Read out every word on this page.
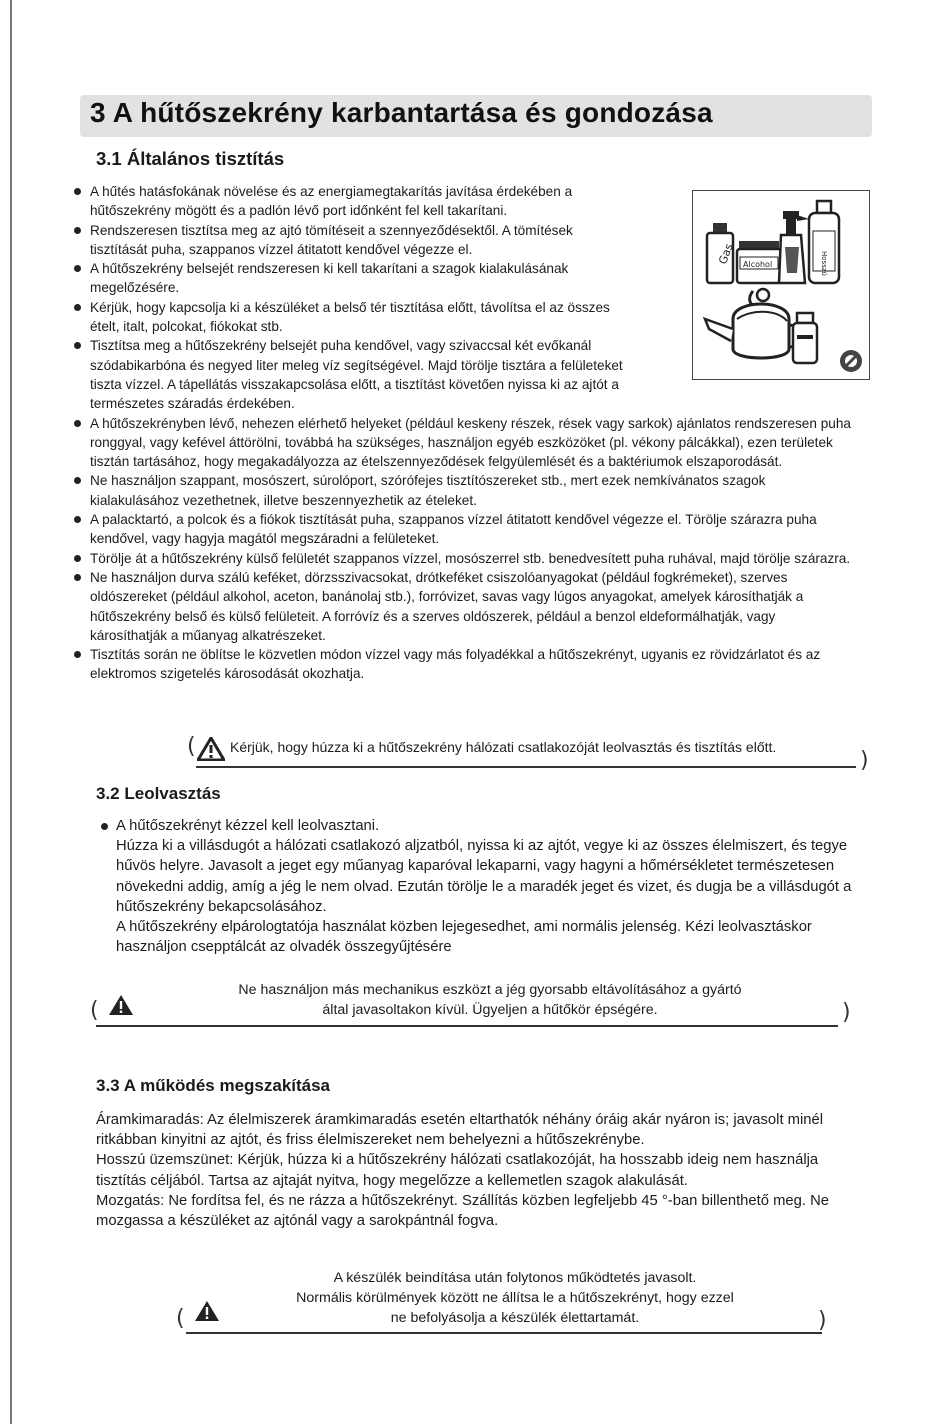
3 A hűtőszekrény karbantartása és gondozása
3.1 Általános tisztítás
Gas Alcohol	Hosszú
A hűtés hatásfokának növelése és az energiamegtakarítás javítása érdekében a hűtőszekrény mögött és a padlón lévő port időnként fel kell takarítani.
Rendszeresen tisztítsa meg az ajtó tömítéseit a szennyeződésektől. A tömítések tisztítását puha, szappanos vízzel átitatott kendővel végezze el.
A hűtőszekrény belsejét rendszeresen ki kell takarítani a szagok kialakulásának megelőzésére.
Kérjük, hogy kapcsolja ki a készüléket a belső tér tisztítása előtt, távolítsa el az összes ételt, italt, polcokat, fiókokat stb.
Tisztítsa meg a hűtőszekrény belsejét puha kendővel, vagy szivaccsal két evőkanál szódabikarbóna és negyed liter meleg víz segítségével. Majd törölje tisztára a felületeket tiszta vízzel. A tápellátás visszakapcsolása előtt, a tisztítást követően nyissa ki az ajtót a természetes száradás érdekében.
A hűtőszekrényben lévő, nehezen elérhető helyeket (például keskeny részek, rések vagy sarkok) ajánlatos rendszeresen puha ronggyal, vagy kefével áttörölni, továbbá ha szükséges, használjon egyéb eszközöket (pl. vékony pálcákkal), ezen területek tisztán tartásához, hogy megakadályozza az ételszennyeződések felgyülemlését és a baktériumok elszaporodását.
Ne használjon szappant, mosószert, súrolóport, szórófejes tisztítószereket stb., mert ezek nemkívánatos szagok kialakulásához vezethetnek, illetve beszennyezhetik az ételeket.
A palacktartó, a polcok és a fiókok tisztítását puha, szappanos vízzel átitatott kendővel végezze el. Törölje szárazra puha kendővel, vagy hagyja magától megszáradni a felületeket.
Törölje át a hűtőszekrény külső felületét szappanos vízzel, mosószerrel stb. benedvesített puha ruhával, majd törölje szárazra.
Ne használjon durva szálú keféket, dörzsszivacsokat, drótkeféket csiszolóanyagokat (például fogkrémeket), szerves oldószereket (például alkohol, aceton, banánolaj stb.), forróvizet, savas vagy lúgos anyagokat, amelyek károsíthatják a hűtőszekrény belső és külső felületeit. A forróvíz és a szerves oldószerek, például a benzol eldeformálhatják, vagy károsíthatják a műanyag alkatrészeket.
Tisztítás során ne öblítse le közvetlen módon vízzel vagy más folyadékkal a hűtőszekrényt, ugyanis ez rövidzárlatot és az elektromos szigetelés károsodását okozhatja.
( Kérjük, hogy húzza ki a hűtőszekrény hálózati csatlakozóját leolvasztás és tisztítás előtt.
)
3.2 Leolvasztás
A hűtőszekrényt kézzel kell leolvasztani.
Húzza ki a villásdugót a hálózati csatlakozó aljzatból, nyissa ki az ajtót, vegye ki az összes élelmiszert, és tegye hűvös helyre. Javasolt a jeget egy műanyag kaparóval lekaparni, vagy hagyni a hőmérsékletet természetesen növekedni addig, amíg a jég le nem olvad. Ezután törölje le a maradék jeget és vizet, és dugja be a villásdugót a hűtőszekrény bekapcsolásához.
A hűtőszekrény elpárologtatója használat közben lejegesedhet, ami normális jelenség. Kézi leolvasztáskor használjon csepptálcát az olvadék összegyűjtésére
(
Ne használjon más mechanikus eszközt a jég gyorsabb eltávolításához a gyártó
által javasoltakon kívül. Ügyeljen a hűtőkör épségére.	)
3.3 A működés megszakítása
Áramkimaradás: Az élelmiszerek áramkimaradás esetén eltarthatók néhány óráig akár nyáron is; javasolt minél ritkábban kinyitni az ajtót, és friss élelmiszereket nem behelyezni a hűtőszekrénybe.
Hosszú üzemszünet: Kérjük, húzza ki a hűtőszekrény hálózati csatlakozóját, ha hosszabb ideig nem használja tisztítás céljából. Tartsa az ajtaját nyitva, hogy megelőzze a kellemetlen szagok alakulását.
Mozgatás: Ne fordítsa fel, és ne rázza a hűtőszekrényt. Szállítás közben legfeljebb 45 °-ban billenthető meg. Ne mozgassa a készüléket az ajtónál vagy a sarokpántnál fogva.
(
A készülék beindítása után folytonos működtetés javasolt.
Normális körülmények között ne állítsa le a hűtőszekrényt, hogy ezzel
ne befolyásolja a készülék élettartamát.	)
